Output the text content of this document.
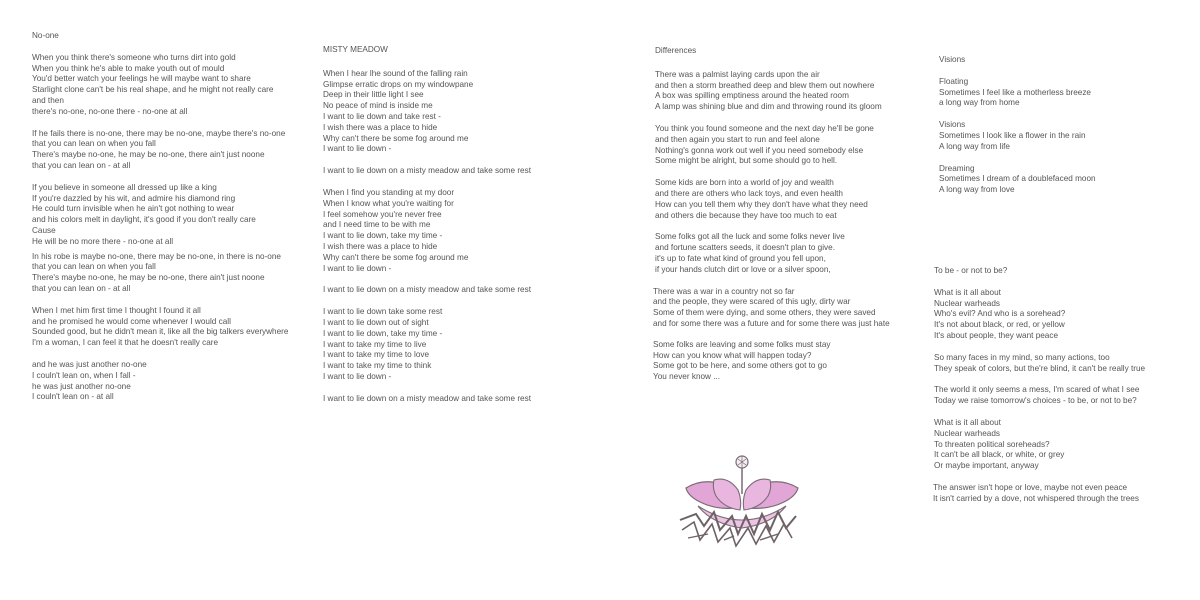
No-one
When you think there's someone who turns dirt into gold
When you think he's able to make youth out of mould
You'd better watch your feelings he will maybe want to share
Starlight clone can't be his real shape, and he might not really care
and then
there's no-one, no-one there - no-one at all
If he fails there is no-one, there may be no-one, maybe there's no-one
that you can lean on when you fall
There's maybe no-one, he may be no-one, there ain't just noone
that you can lean on - at all
If you believe in someone all dressed up like a king
If you're dazzled by his wit, and admire his diamond ring
He could turn invisible when he ain't got nothing to wear
and his colors melt in daylight, it's good if you don't really care
Cause
He will be no more there - no-one at all
In his robe is maybe no-one, there may be no-one, in there is no-one
that you can lean on when you fall
There's maybe no-one, he may be no-one, there ain't just noone
that you can lean on - at all
When I met him first time I thought I found it all
and he promised he would come whenever I would call
Sounded good, but he didn't mean it, like all the big talkers everywhere
I'm a woman, I can feel it that he doesn't really care
and he was just another no-one
I couln't lean on, when I fall -
he was just another no-one
I couln't lean on - at all
MISTY MEADOW
When I hear lhe sound of the falling rain
Glimpse erratic drops on my windowpane
Deep in their little light I see
No peace of mind is inside me
I want to lie down and take rest -
I wish there was a place to hide
Why can't there be some fog around me
I want to lie down -
I want to lie down on a misty meadow and take some rest
When I find you standing at my door
When I know what you're waiting for
I feel somehow you're never free
and I need time to be with me
I want to lie down, take my time -
I wish there was a place to hide
Why can't there be some fog around me
I want to lie down -
I want to lie down on a misty meadow and take some rest
I want to lie down take some rest
I want to lie down out of sight
I want to lie down, take my time -
I want to take my time to live
I want to take my time to love
I want to take my time to think
I want to lie down -
I want to lie down on a misty meadow and take some rest
Differences
There was a palmist laying cards upon the air
and then a storm breathed deep and blew them out nowhere
A box was spilling emptiness around the heated room
A lamp was shining blue and dim and throwing round its gloom
You think you found someone and the next day he'll be gone
and then again you start to run and feel alone
Nothing's gonna work out well if you need somebody else
Some might be alright, but some should go to hell.
Some kids are born into a world of joy and wealth
and there are others who lack toys, and even health
How can you tell them why they don't have what they need
and others die because they have too much to eat
Some folks got all the luck and some folks never live
and fortune scatters seeds, it doesn't plan to give.
it's up to fate what kind of ground you fell upon,
if your hands clutch dirt or love or a silver spoon,
There was a war in a country not so far
and the people, they were scared of this ugly, dirty war
Some of them were dying, and some others, they were saved
and for some there was a future and for some there was just hate
Some folks are leaving and some folks must stay
How can you know what will happen today?
Some got to be here, and some others got to go
You never know ...
Visions
Floating
Sometimes I feel like a motherless breeze
a long way from home
Visions
Sometimes I look like a flower in the rain
A long way from life
Dreaming
Sometimes I dream of a doublefaced moon
A long way from love
To be - or not to be?
What is it all about
Nuclear warheads
Who's evil? And who is a sorehead?
It's not about black, or red, or yellow
It's about people, they want peace
So many faces in my mind, so many actions, too
They speak of colors, but the're blind, it can't be really true
The world it only seems a mess, I'm scared of what I see
Today we raise tomorrow's choices - to be, or not to be?
What is it all about
Nuclear warheads
To threaten political soreheads?
It can't be all black, or white, or grey
Or maybe important, anyway
The answer isn't hope or love, maybe not even peace
It isn't carried by a dove, not whispered through the trees
